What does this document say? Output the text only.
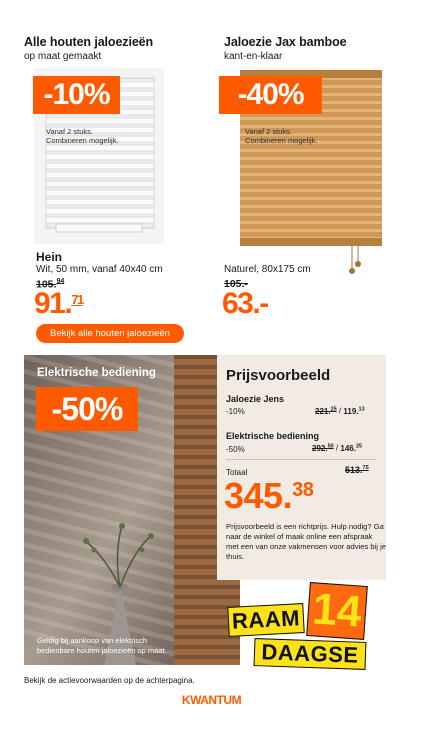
Alle houten jaloezieën
op maat gemaakt
-10%
Vanaf 2 stuks.
Combineren mogelijk.
Hein
Wit, 50 mm, vanaf 40x40 cm
105.94
91.71
Bekijk alle houten jaloezieën
Jaloezie Jax bamboe
kant-en-klaar
-40%
Vanaf 2 stuks.
Combineren mogelijk.
Naturel, 80x175 cm
105.-
63.-
Elektrische bediening
-50%
Geldig bij aankoop van elektrisch
bedienbare houten jaloezieën op maat.
Prijsvoorbeeld
Jaloezie Jens
-10%	221.25 / 119.13
Elektrische bediening
-50%	292.50 / 146.25
Totaal	513.75
345.38
Prijsvoorbeeld is een richtprijs. Hulp nodig? Ga naar de winkel of maak online een afspraak met een van onze vakmensen voor advies bij je thuis.
RAAM 14
DAAGSE
Bekijk de actievoorwaarden op de achterpagina.
KWANTUM
